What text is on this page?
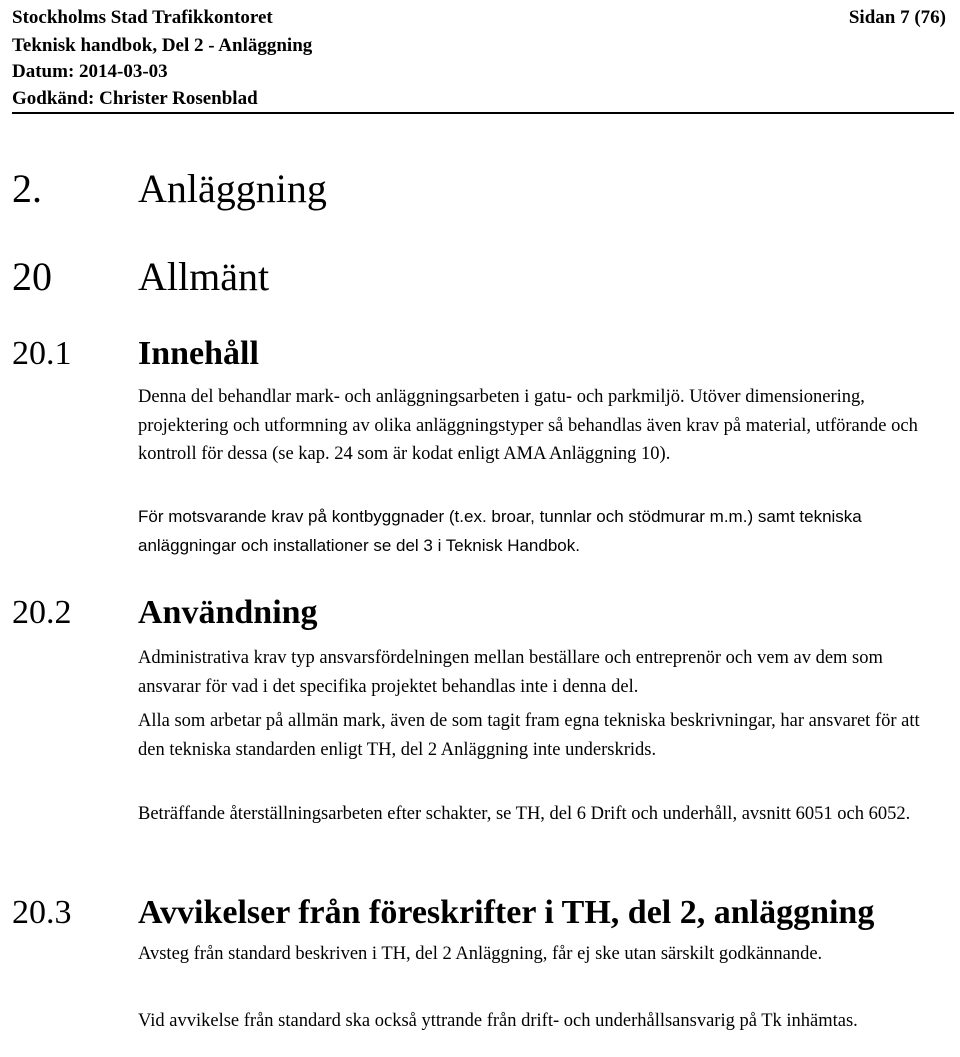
Stockholms Stad Trafikkontoret	Sidan 7 (76)
Teknisk handbok, Del 2 - Anläggning
Datum: 2014-03-03
Godkänd: Christer Rosenblad
2. Anläggning
20 Allmänt
20.1 Innehåll
Denna del behandlar mark- och anläggningsarbeten i gatu- och parkmiljö. Utöver dimensionering, projektering och utformning av olika anläggningstyper så behandlas även krav på material, utförande och kontroll för dessa (se kap. 24 som är kodat enligt AMA Anläggning 10).
För motsvarande krav på kontbyggnader (t.ex. broar, tunnlar och stödmurar m.m.) samt tekniska anläggningar och installationer se del 3 i Teknisk Handbok.
20.2 Användning
Administrativa krav typ ansvarsfördelningen mellan beställare och entreprenör och vem av dem som ansvarar för vad i det specifika projektet behandlas inte i denna del.
Alla som arbetar på allmän mark, även de som tagit fram egna tekniska beskrivningar, har ansvaret för att den tekniska standarden enligt TH, del 2 Anläggning inte underskrids.
Beträffande återställningsarbeten efter schakter, se TH, del 6 Drift och underhåll, avsnitt 6051 och 6052.
20.3 Avvikelser från föreskrifter i TH, del 2, anläggning
Avsteg från standard beskriven i TH, del 2 Anläggning, får ej ske utan särskilt godkännande.
Vid avvikelse från standard ska också yttrande från drift- och underhållsansvarig på Tk inhämtas.
